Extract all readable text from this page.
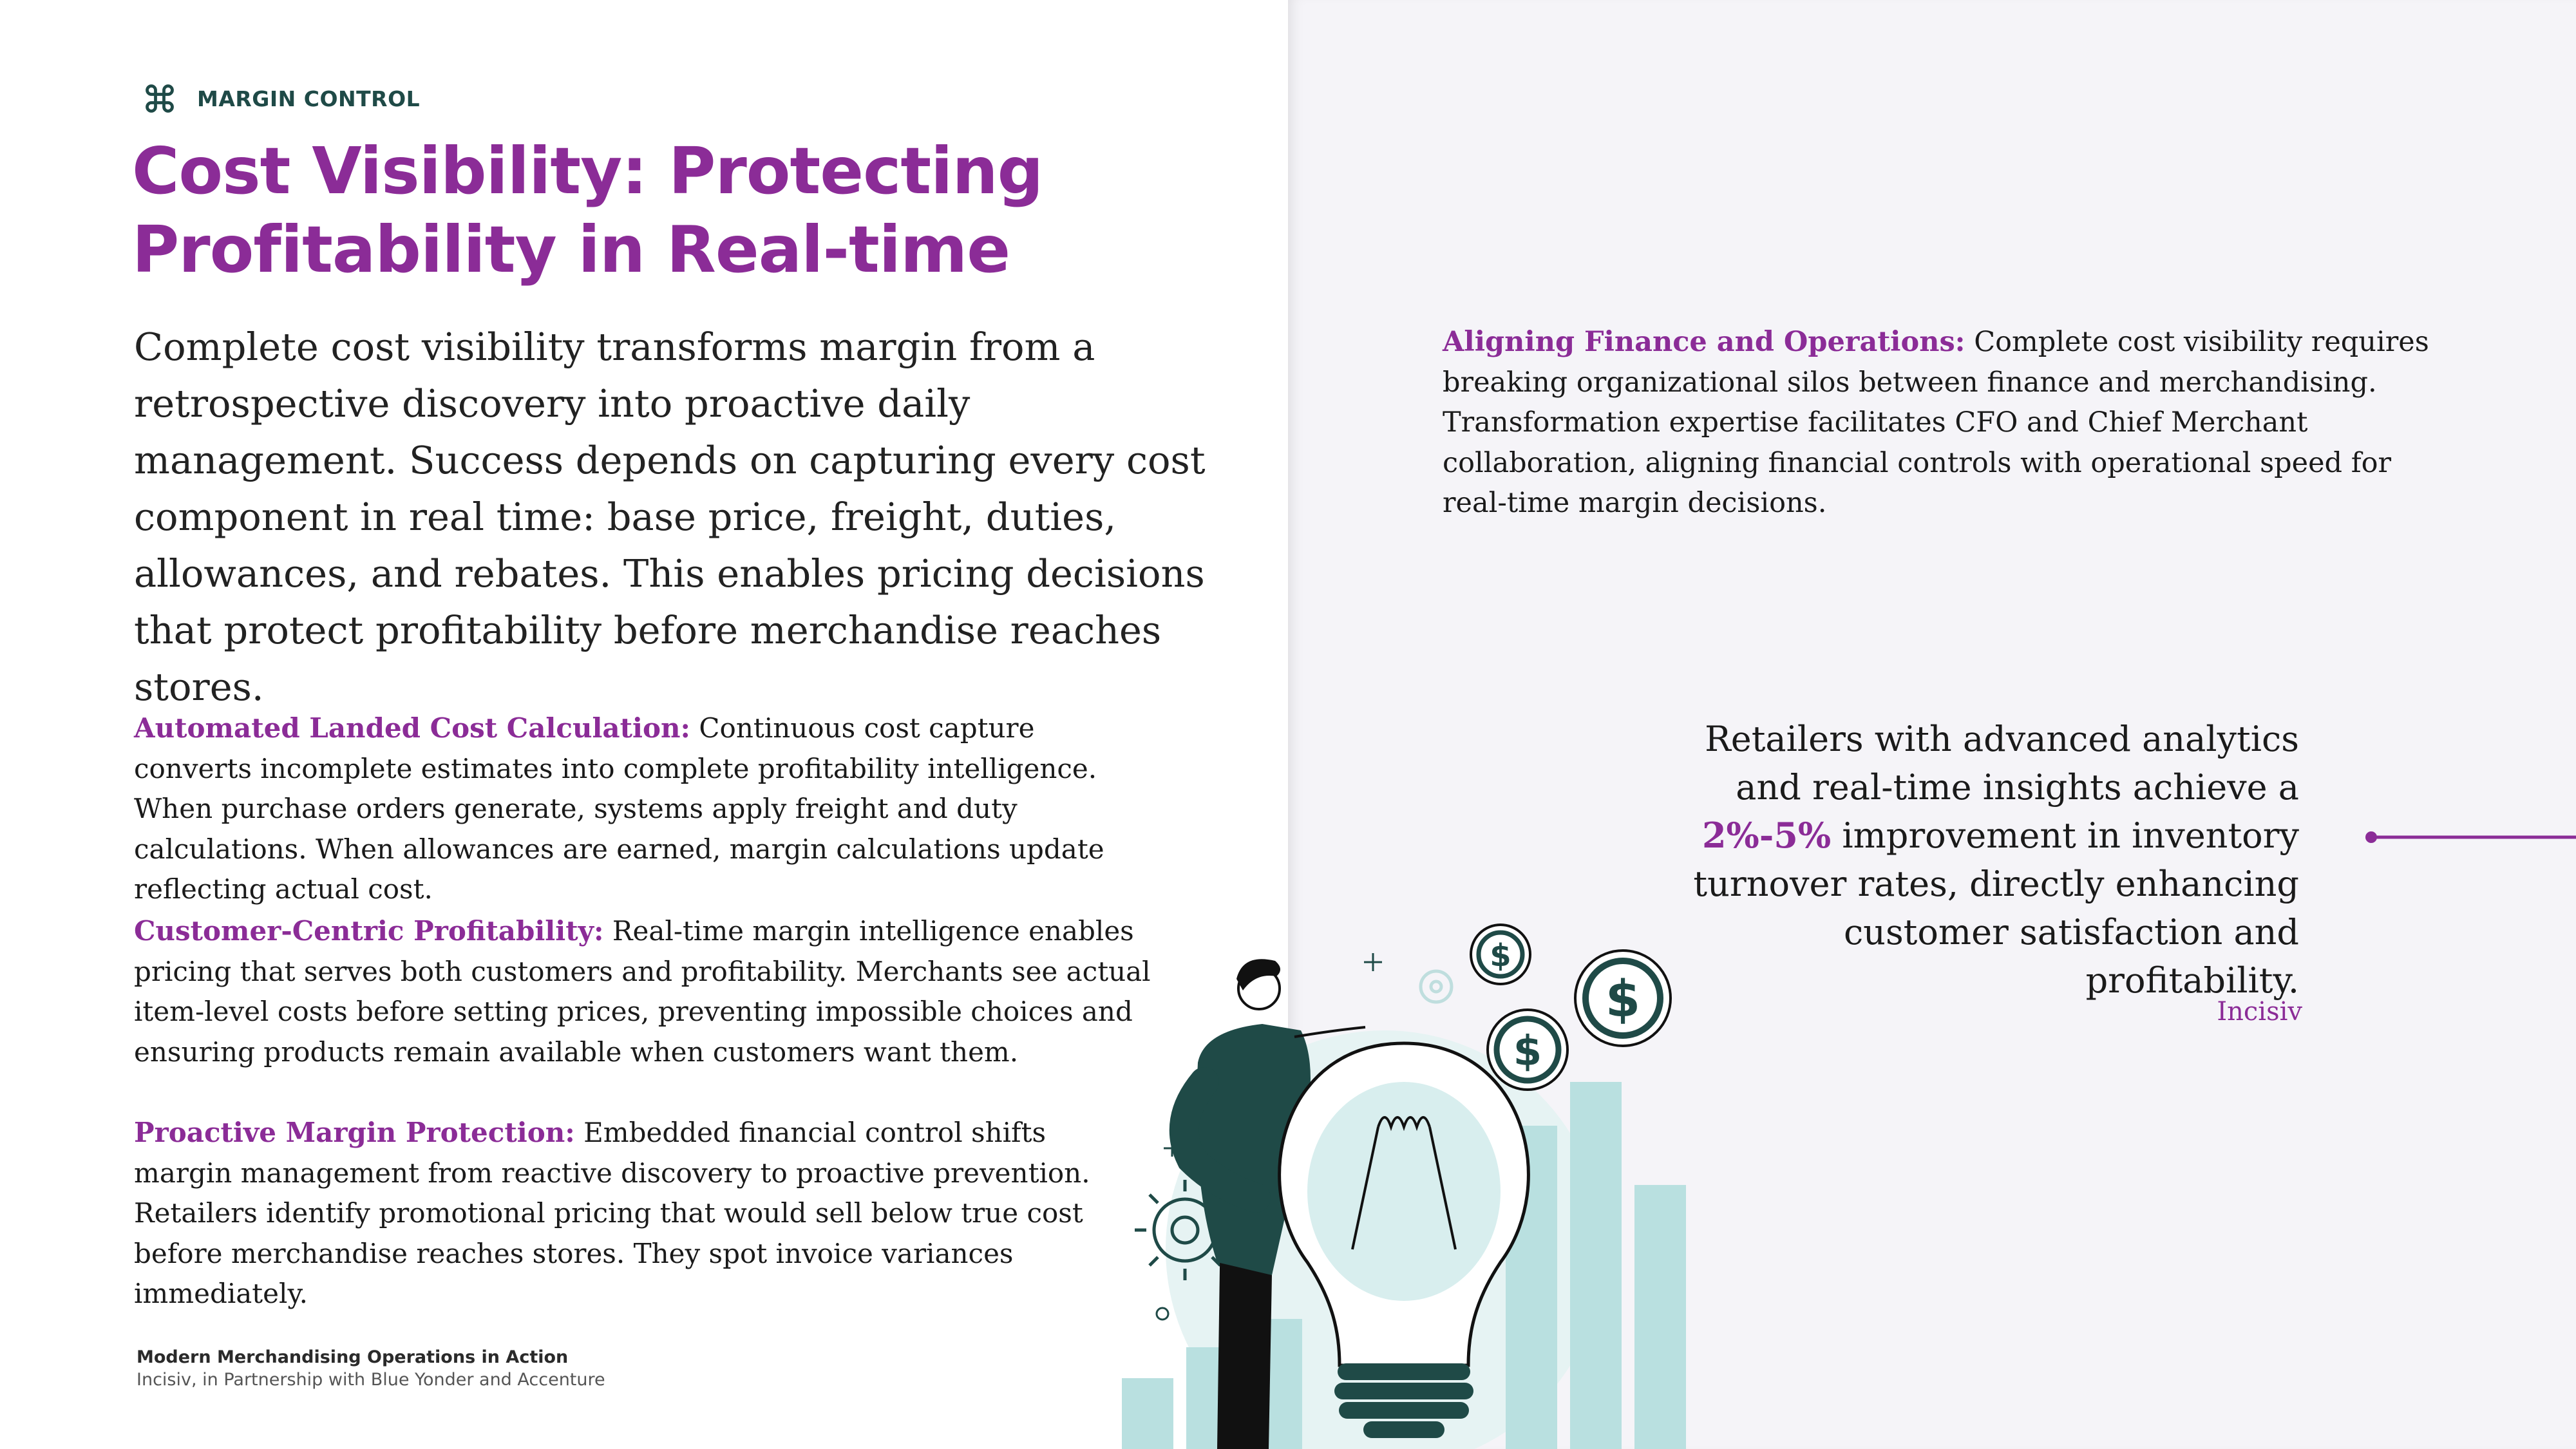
MARGIN CONTROL
Cost Visibility: Protecting Profitability in Real-time

Complete cost visibility transforms margin from a retrospective discovery into proactive daily management. Success depends on capturing every cost component in real time: base price, freight, duties, allowances, and rebates. This enables pricing decisions that protect profitability before merchandise reaches stores.

Automated Landed Cost Calculation: Continuous cost capture converts incomplete estimates into complete profitability intelligence. When purchase orders generate, systems apply freight and duty calculations. When allowances are earned, margin calculations update reflecting actual cost.

Customer-Centric Profitability: Real-time margin intelligence enables pricing that serves both customers and profitability. Merchants see actual item-level costs before setting prices, preventing impossible choices and ensuring products remain available when customers want them.

Proactive Margin Protection: Embedded financial control shifts margin management from reactive discovery to proactive prevention. Retailers identify promotional pricing that would sell below true cost before merchandise reaches stores. They spot invoice variances immediately.

Modern Merchandising Operations in Action

Incisiv, in Partnership with Blue Yonder and Accenture

Aligning Finance and Operations: Complete cost visibility requires breaking organizational silos between finance and merchandising. Transformation expertise facilitates CFO and Chief Merchant collaboration, aligning financial controls with operational speed for real-time margin decisions.

Retailers with advanced analytics and real-time insights achieve a 2%-5% improvement in inventory turnover rates, directly enhancing customer satisfaction and profitability.

Incisiv
$
$
$
